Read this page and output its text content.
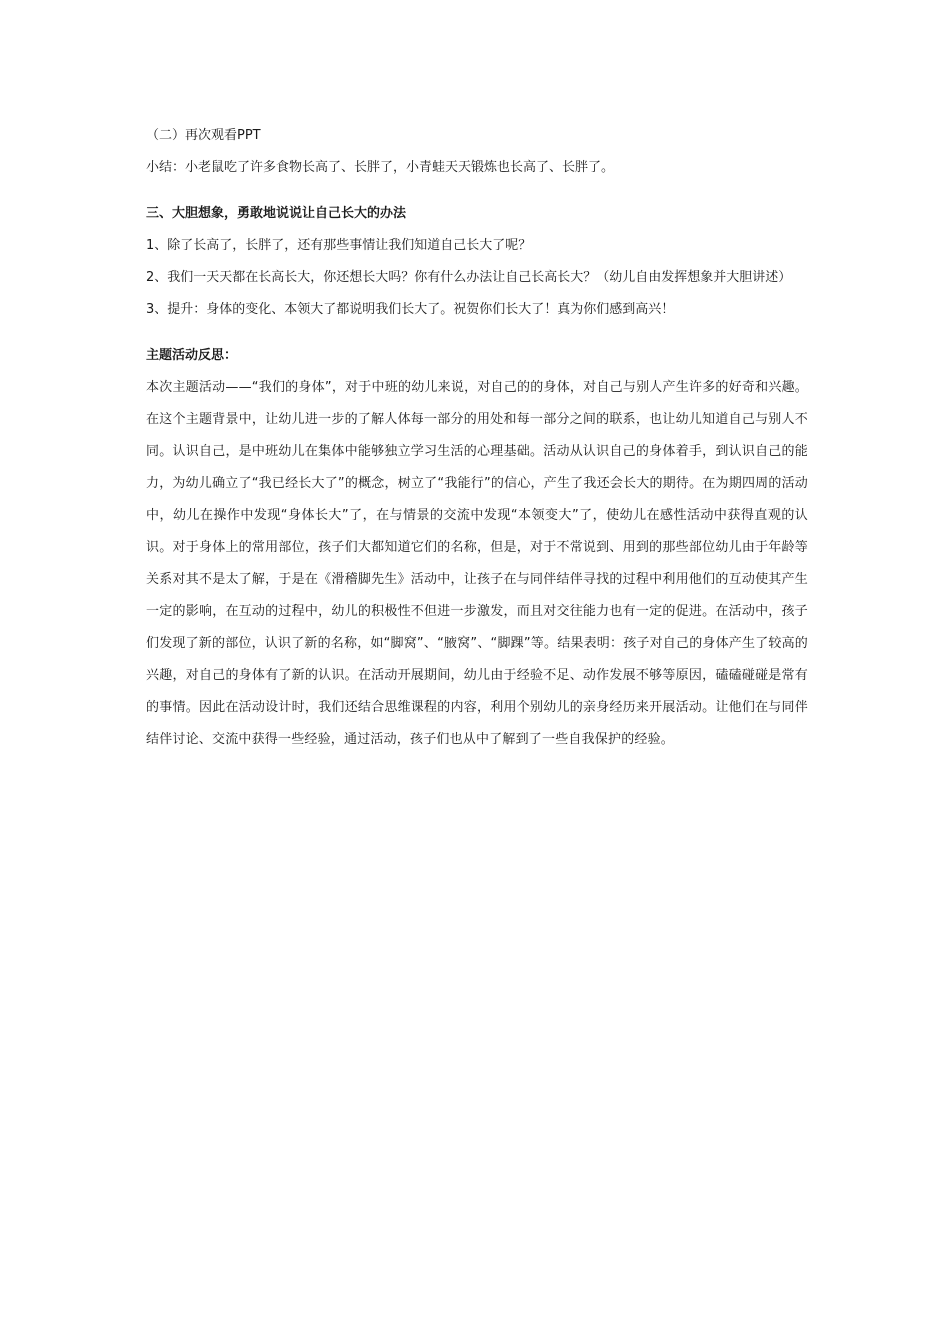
（二）再次观看PPT

小结：小老鼠吃了许多食物长高了、长胖了，小青蛙天天锻炼也长高了、长胖了。

三、大胆想象，勇敢地说说让自己长大的办法

1、除了长高了，长胖了，还有那些事情让我们知道自己长大了呢？

2、我们一天天都在长高长大，你还想长大吗？你有什么办法让自己长高长大？（幼儿自由发挥想象并大胆讲述）

3、提升：身体的变化、本领大了都说明我们长大了。祝贺你们长大了！真为你们感到高兴！

主题活动反思：

本次主题活动——“我们的身体”，对于中班的幼儿来说，对自己的的身体，对自己与别人产生许多的好奇和兴趣。在这个主题背景中，让幼儿进一步的了解人体每一部分的用处和每一部分之间的联系，也让幼儿知道自己与别人不同。认识自己，是中班幼儿在集体中能够独立学习生活的心理基础。活动从认识自己的身体着手，到认识自己的能力，为幼儿确立了“我已经长大了”的概念，树立了“我能行”的信心，产生了我还会长大的期待。在为期四周的活动中，幼儿在操作中发现“身体长大”了，在与情景的交流中发现“本领变大”了，使幼儿在感性活动中获得直观的认识。对于身体上的常用部位，孩子们大都知道它们的名称，但是，对于不常说到、用到的那些部位幼儿由于年龄等关系对其不是太了解，于是在《滑稽脚先生》活动中，让孩子在与同伴结伴寻找的过程中利用他们的互动使其产生一定的影响，在互动的过程中，幼儿的积极性不但进一步激发，而且对交往能力也有一定的促进。在活动中，孩子们发现了新的部位，认识了新的名称，如“脚窝”、“腋窝”、“脚踝”等。结果表明：孩子对自己的身体产生了较高的兴趣，对自己的身体有了新的认识。在活动开展期间，幼儿由于经验不足、动作发展不够等原因，磕磕碰碰是常有的事情。因此在活动设计时，我们还结合思维课程的内容，利用个别幼儿的亲身经历来开展活动。让他们在与同伴结伴讨论、交流中获得一些经验，通过活动，孩子们也从中了解到了一些自我保护的经验。
